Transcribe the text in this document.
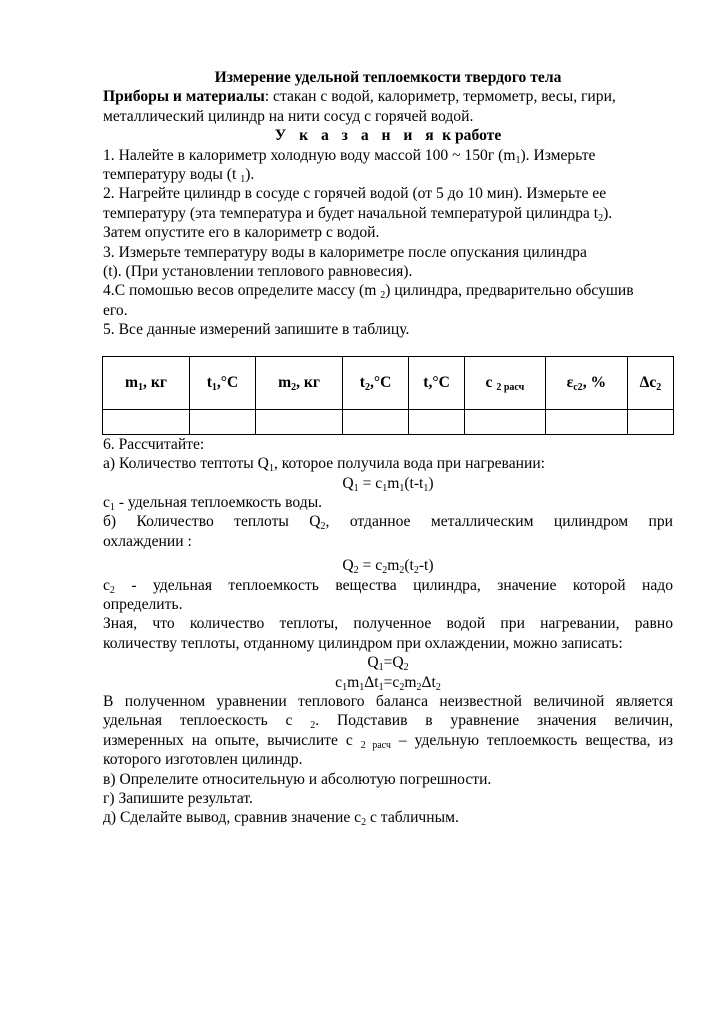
Измерение удельной теплоемкости твердого тела

Приборы и материалы: стакан с водой, калориметр, термометр, весы, гири,

металлический цилиндр на нити сосуд с горячей водой.

У к а з а н и я к работе

1. Налейте в калориметр холодную воду массой 100 ~ 150г $(m_1)$. Измерьте

температуру воды (t $_1$).

2. Нагрейте цилиндр в сосуде с горячей водой (от 5 до 10 мин). Измерьте ее

температуру (эта температура и будет начальной температурой цилиндра $t_2$).

Затем опустите его в калориметр с водой.

3. Измерьте температуру воды в калориметре после опускания цилиндра

(t). (При установлении теплового равновесия).

4.С помошью весов определите массу (m $_2$) цилиндра, предварительно обсушив

его.

5. Все данные измерений запишите в таблицу.

$m_1$, кг	$t_1,^\circ С$	$m_2$, кг	$t_2,^\circ С$	t,°С	c $_{2 расч}$	$\varepsilon_{c2}$, %	$\Delta c_2$

6. Рассчитайте:

а) Количество тептоты $Q_1$, которое получила вода при нагревании:

$Q_1 = c_1m_1(t-t_1)$

$c_1$ - удельная теплоемкость воды.

б) Количество теплоты $Q_2$, отданное металлическим цилиндром при

охлаждении :

$Q_2 = c_2m_2(t_2-t)$

$c_2$ - удельная теплоемкость вещества цилиндра, значение которой надо

определить.

Зная, что количество теплоты, полученное водой при нагревании, равно

количеству теплоты, отданному цилиндром при охлаждении, можно записать:

$Q_1=Q_2$

$c_1m_1\Delta t_1=c_2m_2\Delta t_2$

В полученном уравнении теплового баланса неизвестной величиной является

удельная теплоескость с $_2$. Подставив в уравнение значения величин,

измеренных на опыте, вычислите с $_{2 расч}$ – удельную теплоемкость вещества, из

которого изготовлен цилиндр.

в) Опрелелите относительную и абсолютую погрешности.

г) Запишите результат.

д) Сделайте вывод, сравнив значение $с_2$ с табличным.
